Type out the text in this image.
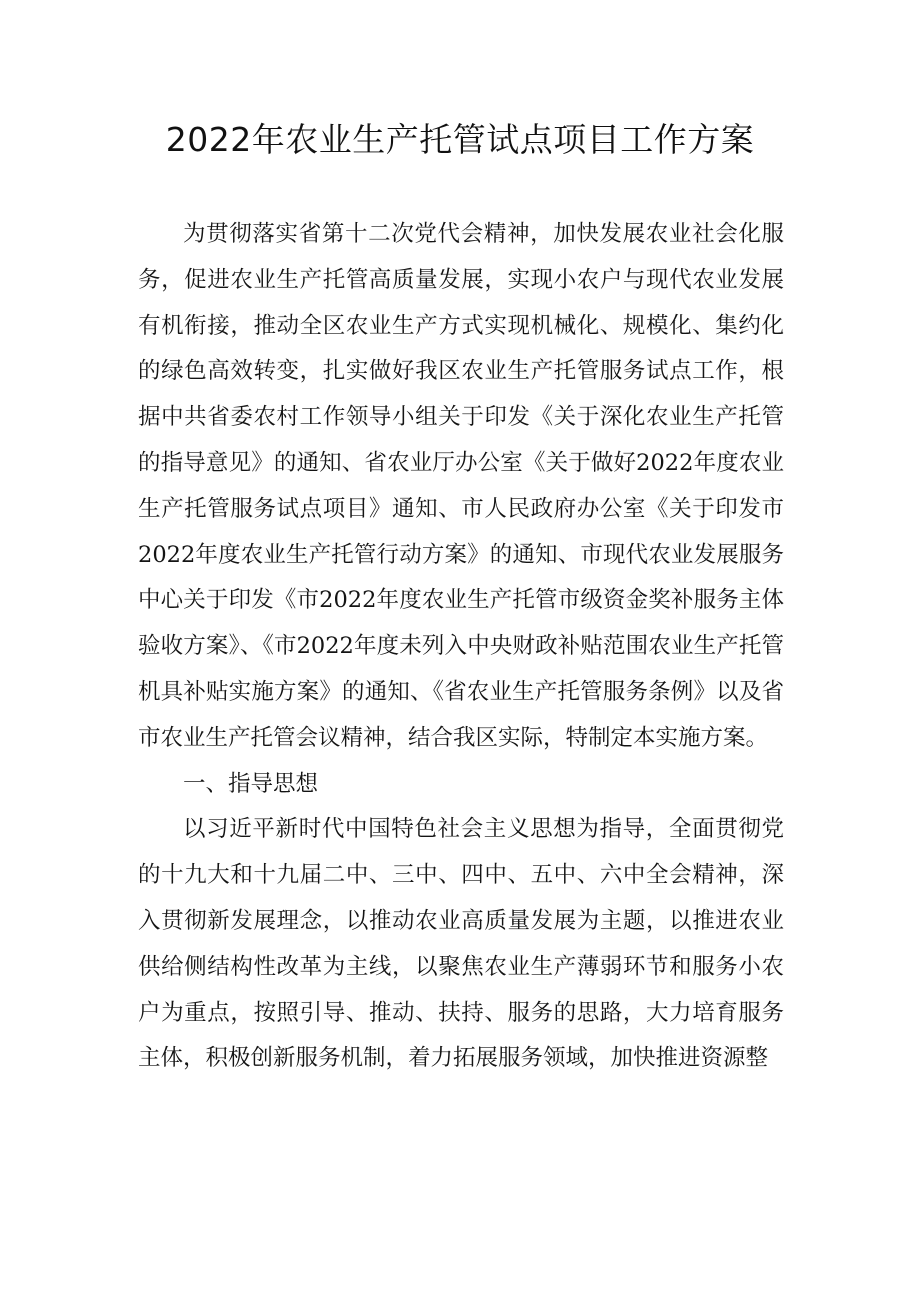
2022年农业生产托管试点项目工作方案

为贯彻落实省第十二次党代会精神，加快发展农业社会化服务，促进农业生产托管高质量发展，实现小农户与现代农业发展有机衔接，推动全区农业生产方式实现机械化、规模化、集约化的绿色高效转变，扎实做好我区农业生产托管服务试点工作，根据中共省委农村工作领导小组关于印发《关于深化农业生产托管的指导意见》的通知、省农业厅办公室《关于做好2022年度农业生产托管服务试点项目》通知、市人民政府办公室《关于印发市2022年度农业生产托管行动方案》的通知、市现代农业发展服务中心关于印发《市2022年度农业生产托管市级资金奖补服务主体验收方案》、《市2022年度未列入中央财政补贴范围农业生产托管机具补贴实施方案》的通知、《省农业生产托管服务条例》以及省市农业生产托管会议精神，结合我区实际，特制定本实施方案。

一、指导思想

以习近平新时代中国特色社会主义思想为指导，全面贯彻党的十九大和十九届二中、三中、四中、五中、六中全会精神，深入贯彻新发展理念，以推动农业高质量发展为主题，以推进农业供给侧结构性改革为主线，以聚焦农业生产薄弱环节和服务小农户为重点，按照引导、推动、扶持、服务的思路，大力培育服务主体，积极创新服务机制，着力拓展服务领域，加快推进资源整
